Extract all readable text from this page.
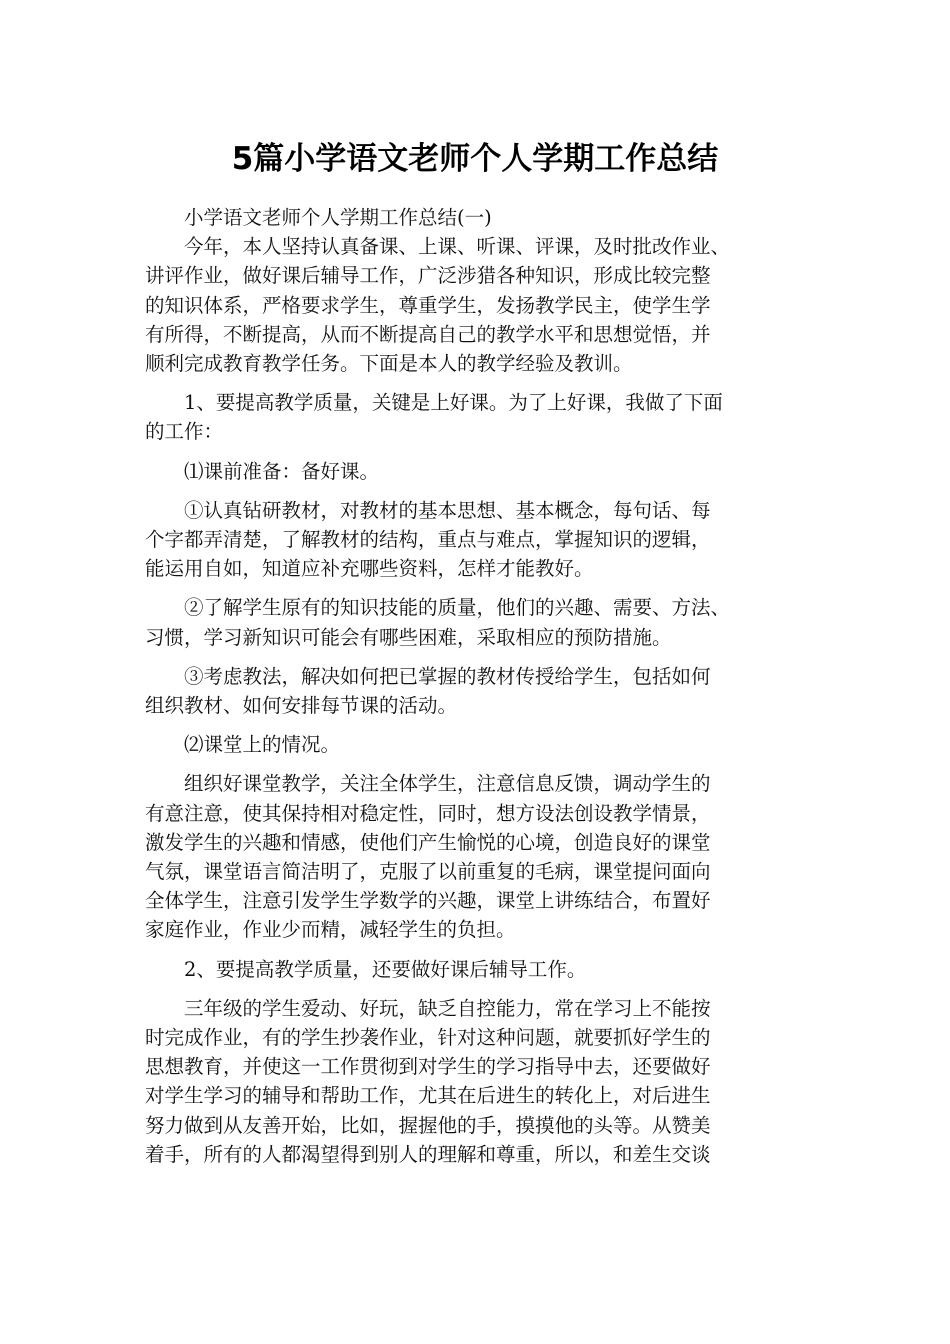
5篇小学语文老师个人学期工作总结

小学语文老师个人学期工作总结(一)

今年，本人坚持认真备课、上课、听课、评课，及时批改作业、
讲评作业，做好课后辅导工作，广泛涉猎各种知识，形成比较完整
的知识体系，严格要求学生，尊重学生，发扬教学民主，使学生学
有所得，不断提高，从而不断提高自己的教学水平和思想觉悟，并
顺利完成教育教学任务。下面是本人的教学经验及教训。

1、要提高教学质量，关键是上好课。为了上好课，我做了下面
的工作：

⑴课前准备：备好课。

①认真钻研教材，对教材的基本思想、基本概念，每句话、每
个字都弄清楚，了解教材的结构，重点与难点，掌握知识的逻辑，
能运用自如，知道应补充哪些资料，怎样才能教好。

②了解学生原有的知识技能的质量，他们的兴趣、需要、方法、
习惯，学习新知识可能会有哪些困难，采取相应的预防措施。

③考虑教法，解决如何把已掌握的教材传授给学生，包括如何
组织教材、如何安排每节课的活动。

⑵课堂上的情况。

组织好课堂教学，关注全体学生，注意信息反馈，调动学生的
有意注意，使其保持相对稳定性，同时，想方设法创设教学情景，
激发学生的兴趣和情感，使他们产生愉悦的心境，创造良好的课堂
气氛，课堂语言简洁明了，克服了以前重复的毛病，课堂提问面向
全体学生，注意引发学生学数学的兴趣，课堂上讲练结合，布置好
家庭作业，作业少而精，减轻学生的负担。

2、要提高教学质量，还要做好课后辅导工作。

三年级的学生爱动、好玩，缺乏自控能力，常在学习上不能按
时完成作业，有的学生抄袭作业，针对这种问题，就要抓好学生的
思想教育，并使这一工作贯彻到对学生的学习指导中去，还要做好
对学生学习的辅导和帮助工作，尤其在后进生的转化上，对后进生
努力做到从友善开始，比如，握握他的手，摸摸他的头等。从赞美
着手，所有的人都渴望得到别人的理解和尊重，所以，和差生交谈
